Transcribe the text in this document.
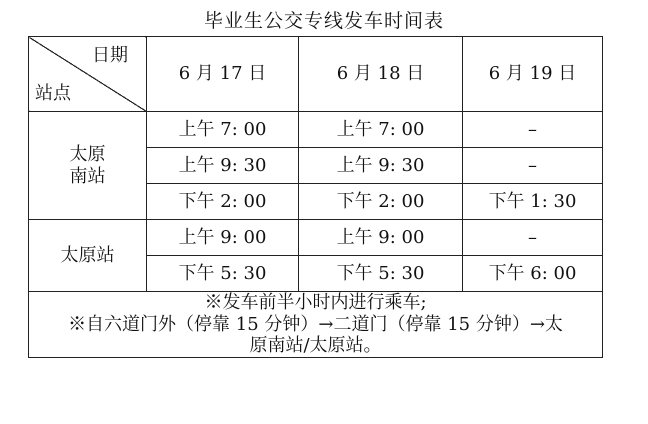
毕业生公交专线发车时间表
日期
站点	6 月 17 日	6 月 18 日	6 月 19 日
太原
南站	上午 7: 00	上午 7: 00	–
	上午 9: 30	上午 9: 30	–
	下午 2: 00	下午 2: 00	下午 1: 30
太原站	上午 9: 00	上午 9: 00	–
	下午 5: 30	下午 5: 30	下午 6: 00

※发车前半小时内进行乘车;
※自六道门外（停靠 15 分钟）→二道门（停靠 15 分钟）→太
原南站/太原站。			
